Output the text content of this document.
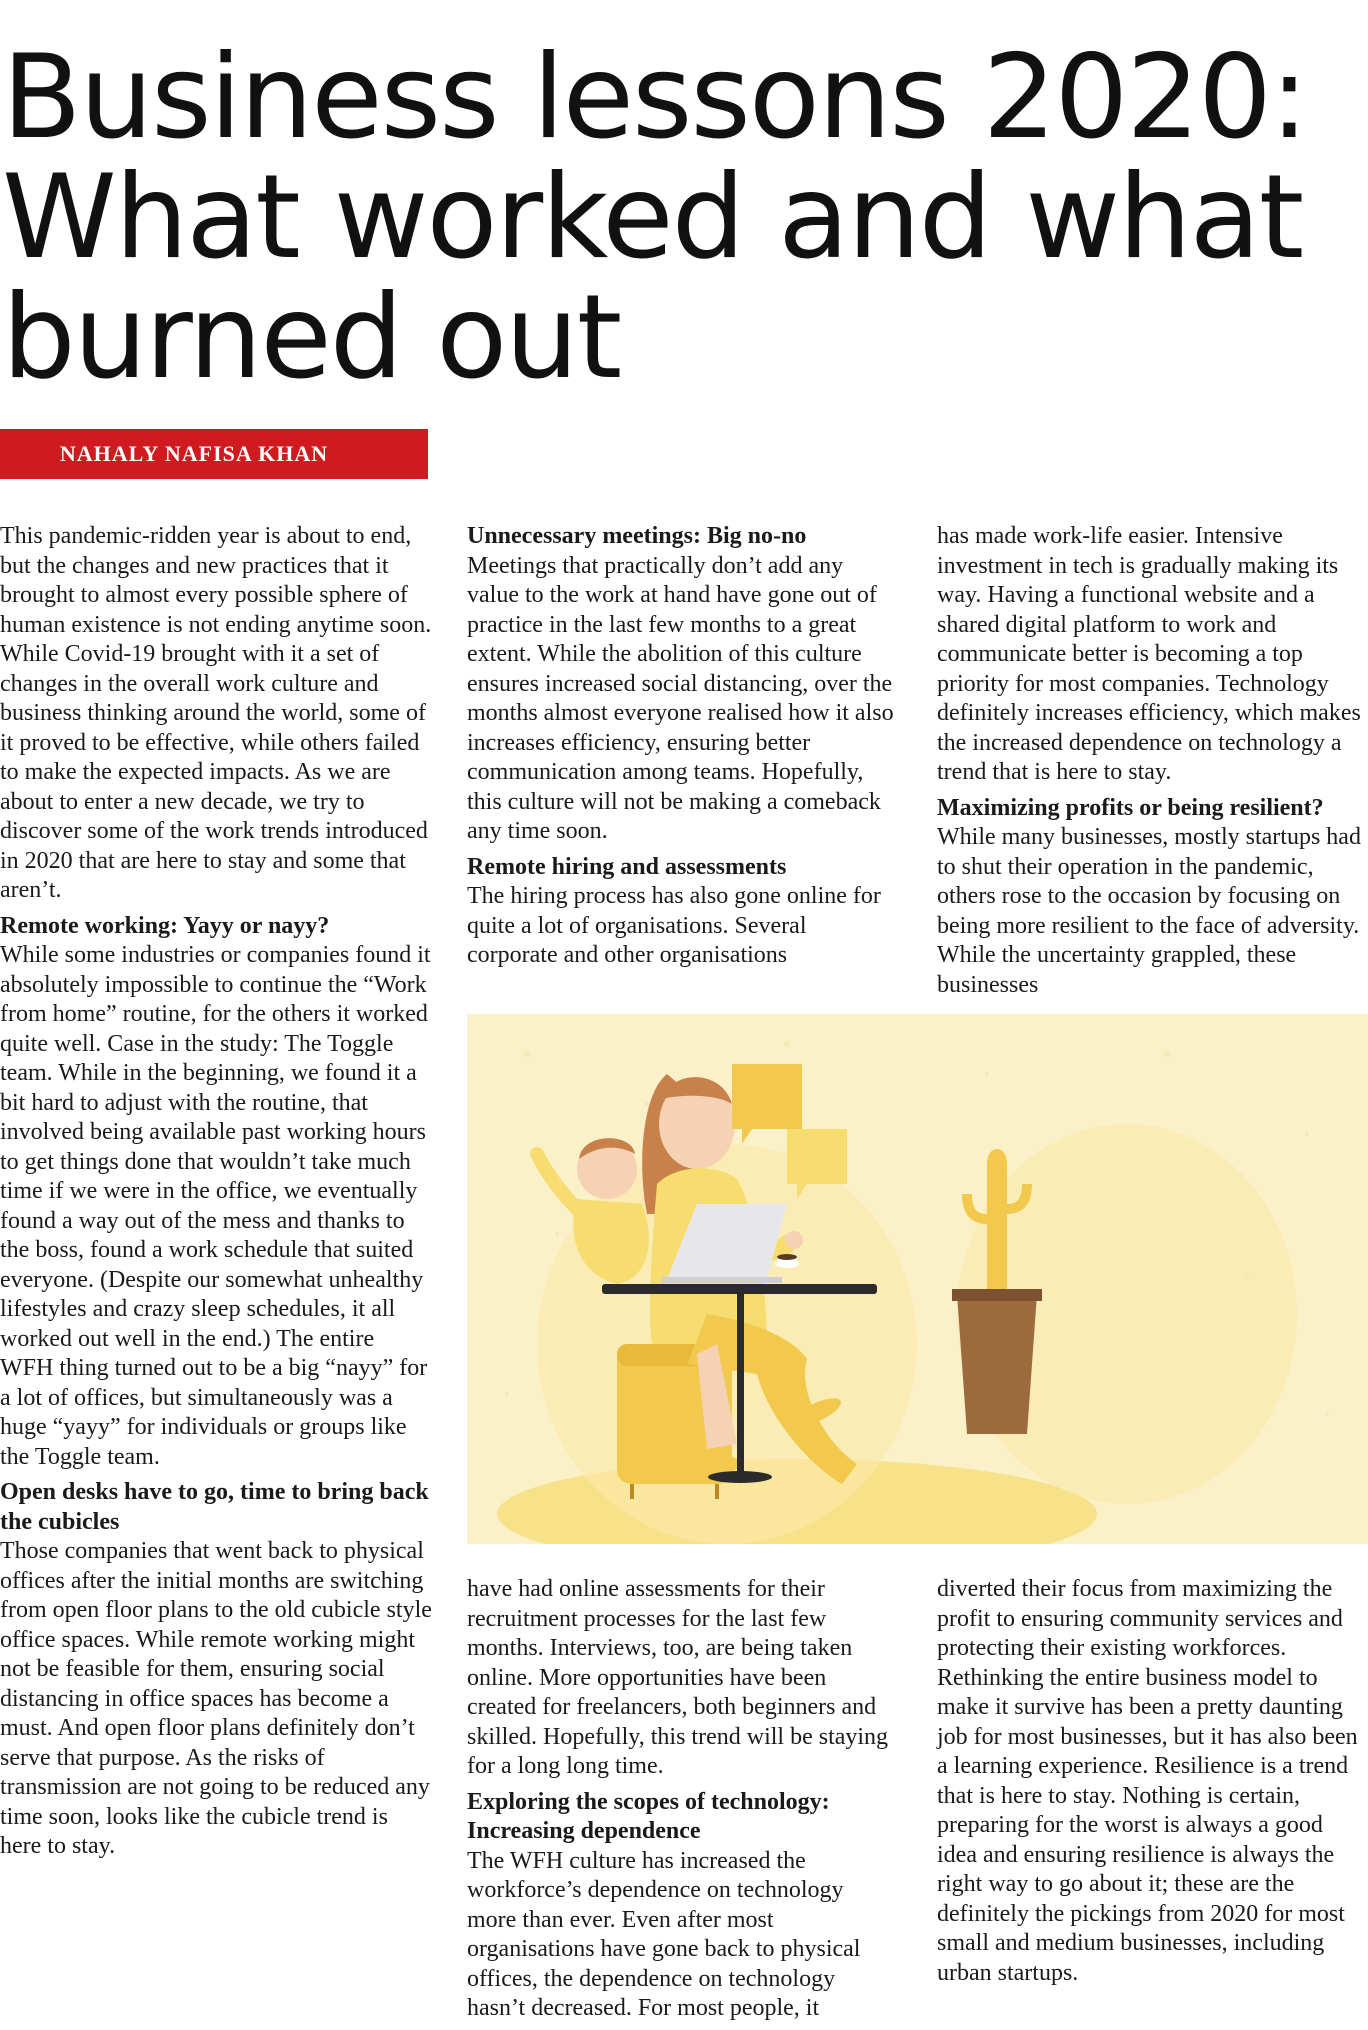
Business lessons 2020:
What worked and what
burned out
NAHALY NAFISA KHAN

This pandemic-ridden year is about to end, but the changes and new practices that it brought to almost every possible sphere of human existence is not ending anytime soon. While Covid-19 brought with it a set of changes in the overall work culture and business thinking around the world, some of it proved to be effective, while others failed to make the expected impacts. As we are about to enter a new decade, we try to discover some of the work trends introduced in 2020 that are here to stay and some that aren’t.

Remote working: Yayy or nayy?

While some industries or companies found it absolutely impossible to continue the “Work from home” routine, for the others it worked quite well. Case in the study: The Toggle team. While in the beginning, we found it a bit hard to adjust with the routine, that involved being available past working hours to get things done that wouldn’t take much time if we were in the office, we eventually found a way out of the mess and thanks to the boss, found a work schedule that suited everyone. (Despite our somewhat unhealthy lifestyles and crazy sleep schedules, it all worked out well in the end.) The entire WFH thing turned out to be a big “nayy” for a lot of offices, but simultaneously was a huge “yayy” for individuals or groups like the Toggle team.

Open desks have to go, time to bring back the cubicles

Those companies that went back to physical offices after the initial months are switching from open floor plans to the old cubicle style office spaces. While remote working might not be feasible for them, ensuring social distancing in office spaces has become a must. And open floor plans definitely don’t serve that purpose. As the risks of transmission are not going to be reduced any time soon, looks like the cubicle trend is here to stay.

Unnecessary meetings: Big no-no

Meetings that practically don’t add any value to the work at hand have gone out of practice in the last few months to a great extent. While the abolition of this culture ensures increased social distancing, over the months almost everyone realised how it also increases efficiency, ensuring better communication among teams. Hopefully, this culture will not be making a comeback any time soon.

Remote hiring and assessments

The hiring process has also gone online for quite a lot of organisations. Several corporate and other organisations

has made work-life easier. Intensive investment in tech is gradually making its way. Having a functional website and a shared digital platform to work and communicate better is becoming a top priority for most companies. Technology definitely increases efficiency, which makes the increased dependence on technology a trend that is here to stay.

Maximizing profits or being resilient?

While many businesses, mostly startups had to shut their operation in the pandemic, others rose to the occasion by focusing on being more resilient to the face of adversity. While the uncertainty grappled, these businesses

have had online assessments for their recruitment processes for the last few months. Interviews, too, are being taken online. More opportunities have been created for freelancers, both beginners and skilled. Hopefully, this trend will be staying for a long long time.

Exploring the scopes of technology: Increasing dependence

The WFH culture has increased the workforce’s dependence on technology more than ever. Even after most organisations have gone back to physical offices, the dependence on technology hasn’t decreased. For most people, it

diverted their focus from maximizing the profit to ensuring community services and protecting their existing workforces. Rethinking the entire business model to make it survive has been a pretty daunting job for most businesses, but it has also been a learning experience. Resilience is a trend that is here to stay. Nothing is certain, preparing for the worst is always a good idea and ensuring resilience is always the right way to go about it; these are the definitely the pickings from 2020 for most small and medium businesses, including urban startups.
